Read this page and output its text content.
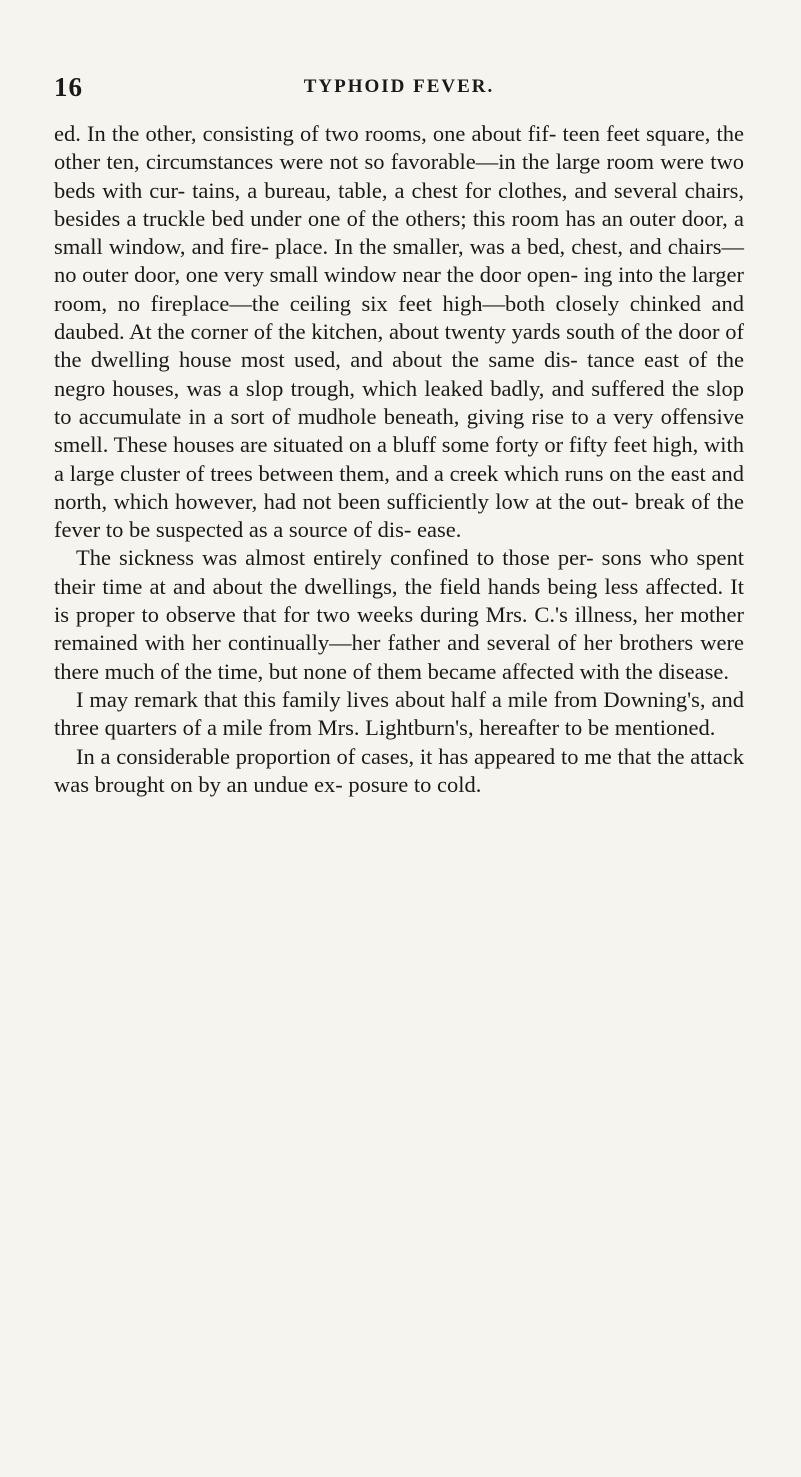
16	TYPHOID FEVER.

ed. In the other, consisting of two rooms, one about fif- teen feet square, the other ten, circumstances were not so favorable—in the large room were two beds with cur- tains, a bureau, table, a chest for clothes, and several chairs, besides a truckle bed under one of the others; this room has an outer door, a small window, and fire- place. In the smaller, was a bed, chest, and chairs—no outer door, one very small window near the door open- ing into the larger room, no fireplace—the ceiling six feet high—both closely chinked and daubed. At the corner of the kitchen, about twenty yards south of the door of the dwelling house most used, and about the same dis- tance east of the negro houses, was a slop trough, which leaked badly, and suffered the slop to accumulate in a sort of mudhole beneath, giving rise to a very offensive smell. These houses are situated on a bluff some forty or fifty feet high, with a large cluster of trees between them, and a creek which runs on the east and north, which however, had not been sufficiently low at the out- break of the fever to be suspected as a source of dis- ease.

The sickness was almost entirely confined to those per- sons who spent their time at and about the dwellings, the field hands being less affected. It is proper to observe that for two weeks during Mrs. C.'s illness, her mother remained with her continually—her father and several of her brothers were there much of the time, but none of them became affected with the disease.

I may remark that this family lives about half a mile from Downing's, and three quarters of a mile from Mrs. Lightburn's, hereafter to be mentioned.

In a considerable proportion of cases, it has appeared to me that the attack was brought on by an undue ex- posure to cold.
